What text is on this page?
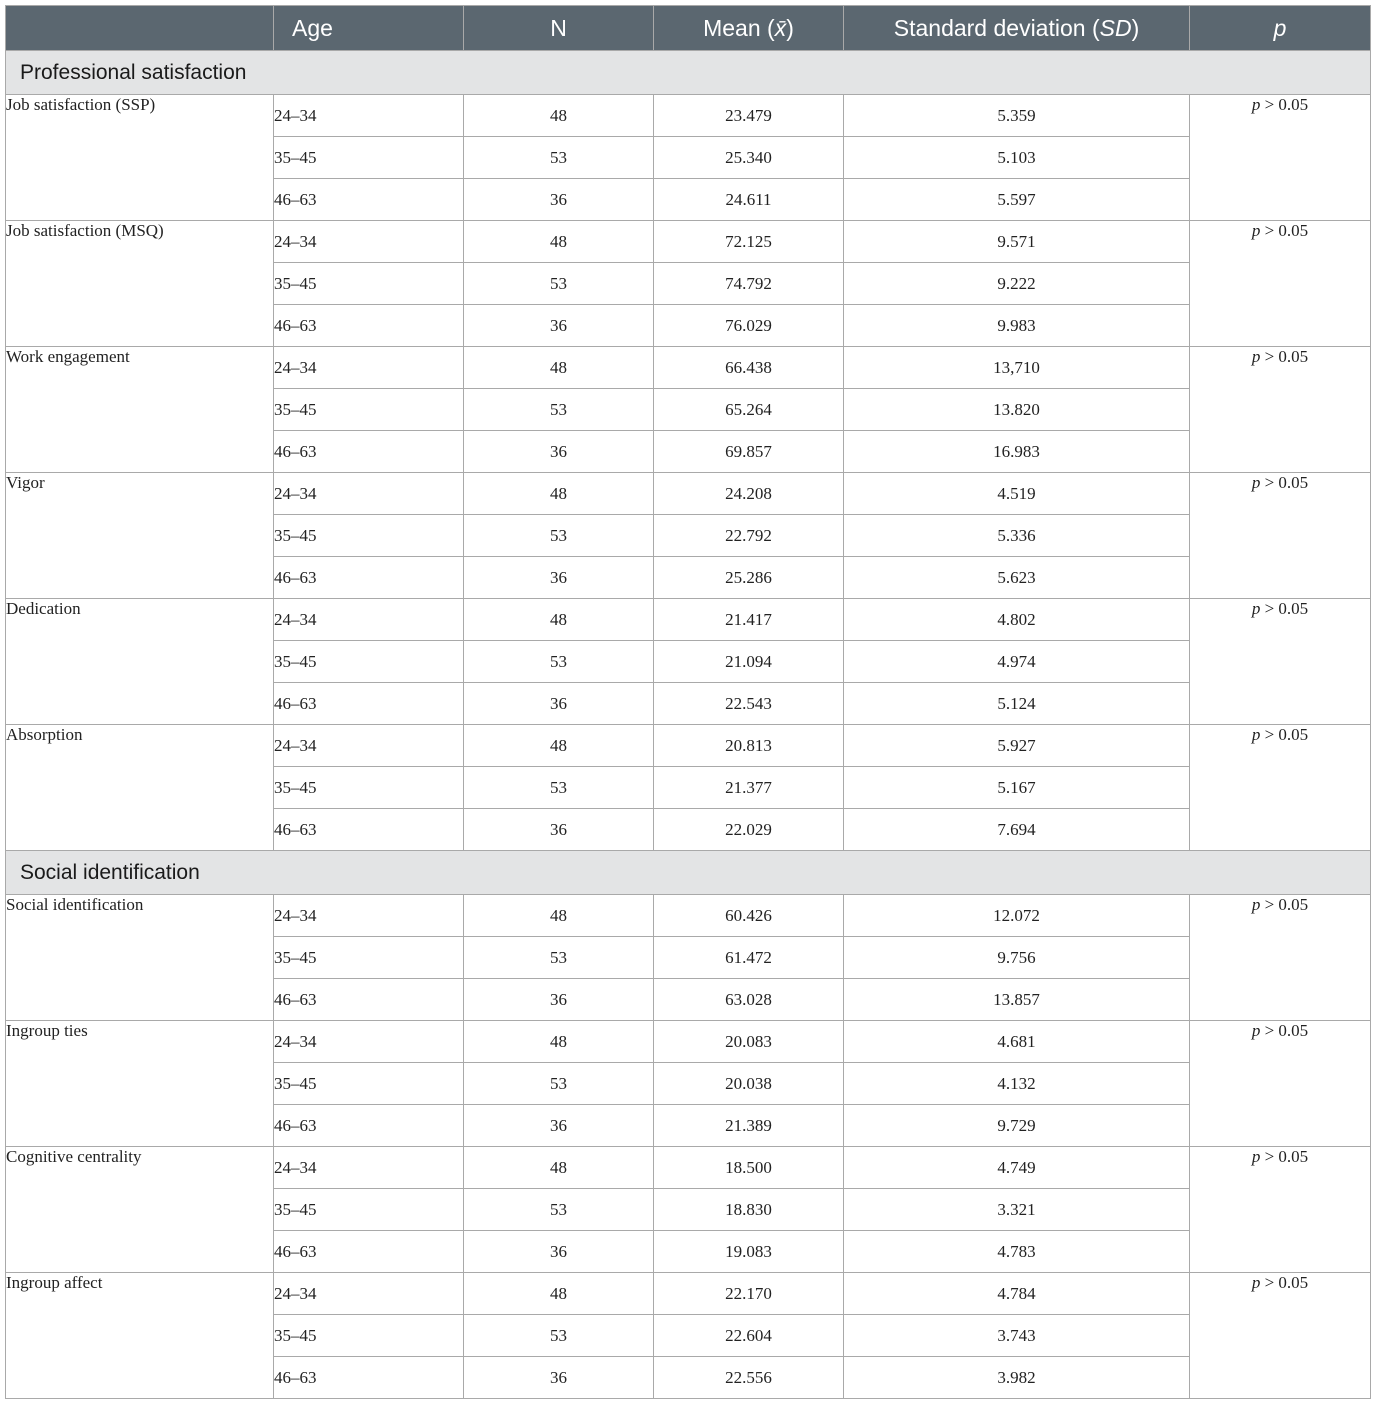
	Age	N	Mean (x̄)	Standard deviation (SD)	p
Professional satisfaction					
Job satisfaction (SSP)	24–34	48	23.479	5.359	p > 0.05
	35–45	53	25.340	5.103	
	46–63	36	24.611	5.597	
Job satisfaction (MSQ)	24–34	48	72.125	9.571	p > 0.05
	35–45	53	74.792	9.222	
	46–63	36	76.029	9.983	
Work engagement	24–34	48	66.438	13,710	p > 0.05
	35–45	53	65.264	13.820	
	46–63	36	69.857	16.983	
Vigor	24–34	48	24.208	4.519	p > 0.05
	35–45	53	22.792	5.336	
	46–63	36	25.286	5.623	
Dedication	24–34	48	21.417	4.802	p > 0.05
	35–45	53	21.094	4.974	
	46–63	36	22.543	5.124	
Absorption	24–34	48	20.813	5.927	p > 0.05
	35–45	53	21.377	5.167	
	46–63	36	22.029	7.694	
Social identification					
Social identification	24–34	48	60.426	12.072	p > 0.05
	35–45	53	61.472	9.756	
	46–63	36	63.028	13.857	
Ingroup ties	24–34	48	20.083	4.681	p > 0.05
	35–45	53	20.038	4.132	
	46–63	36	21.389	9.729	
Cognitive centrality	24–34	48	18.500	4.749	p > 0.05
	35–45	53	18.830	3.321	
	46–63	36	19.083	4.783	
Ingroup affect	24–34	48	22.170	4.784	p > 0.05
	35–45	53	22.604	3.743	
	46–63	36	22.556	3.982	
